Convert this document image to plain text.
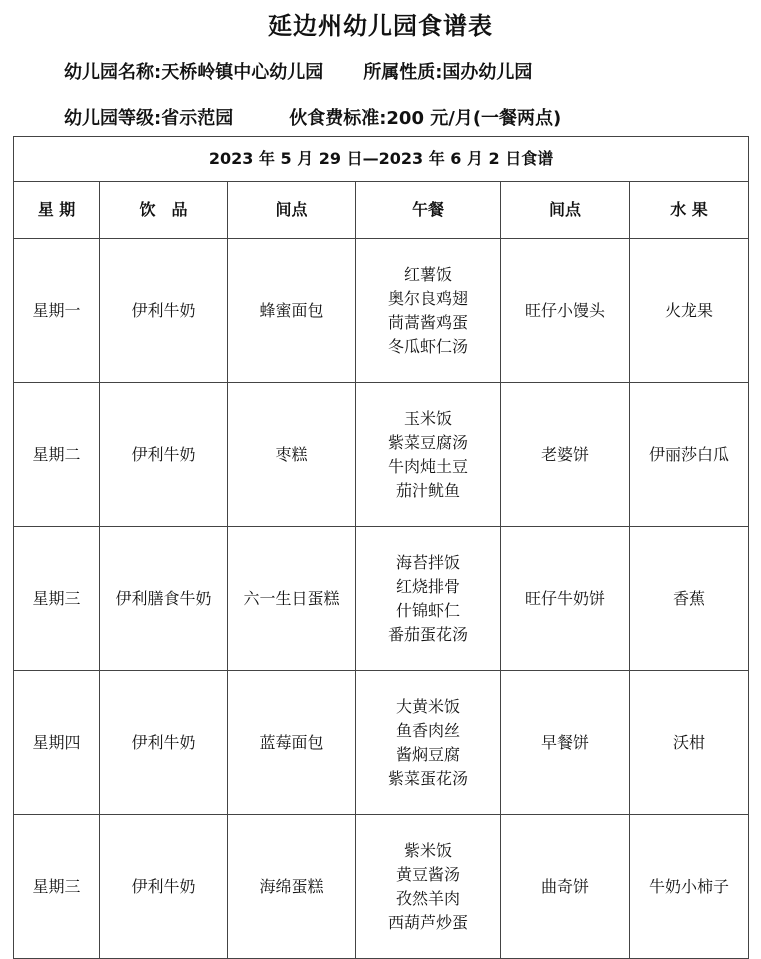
延边州幼儿园食谱表
幼儿园名称:天桥岭镇中心幼儿园 所属性质:国办幼儿园
幼儿园等级:省示范园	伙食费标准:200 元/月(一餐两点)
2023 年 5 月 29 日—2023 年 6 月 2 日食谱					
星 期	饮　品	间点	午餐	间点	水 果
星期一	伊利牛奶	蜂蜜面包	红薯饭
奥尔良鸡翅
茼蒿酱鸡蛋
冬瓜虾仁汤	旺仔小馒头	火龙果
星期二	伊利牛奶	枣糕	玉米饭
紫菜豆腐汤
牛肉炖土豆
茄汁鱿鱼	老婆饼	伊丽莎白瓜
星期三	伊利膳食牛奶	六一生日蛋糕	海苔拌饭
红烧排骨
什锦虾仁
番茄蛋花汤	旺仔牛奶饼	香蕉
星期四	伊利牛奶	蓝莓面包	大黄米饭
鱼香肉丝
酱焖豆腐
紫菜蛋花汤	早餐饼	沃柑
星期三	伊利牛奶	海绵蛋糕	紫米饭
黄豆酱汤
孜然羊肉
西葫芦炒蛋	曲奇饼	牛奶小柿子
